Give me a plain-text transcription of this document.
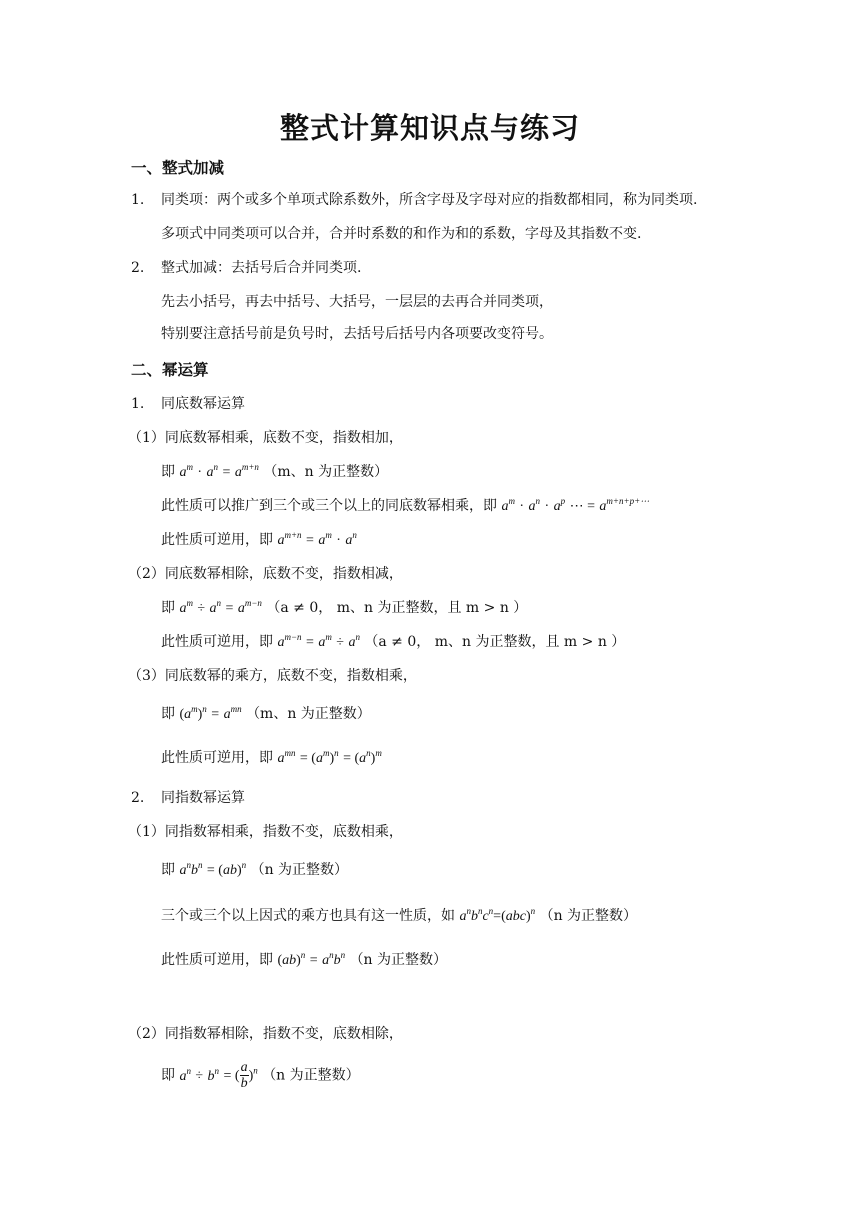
整式计算知识点与练习
一、整式加减
1. 同类项：两个或多个单项式除系数外，所含字母及字母对应的指数都相同，称为同类项.
多项式中同类项可以合并，合并时系数的和作为和的系数，字母及其指数不变.
2. 整式加减：去括号后合并同类项.
先去小括号，再去中括号、大括号，一层层的去再合并同类项，
特别要注意括号前是负号时，去括号后括号内各项要改变符号。
二、幂运算
1. 同底数幂运算
（1）同底数幂相乘，底数不变，指数相加，
即 $a^m \cdot a^n = a^{m+n}$ （m、n 为正整数）
此性质可以推广到三个或三个以上的同底数幂相乘，即 $a^m \cdot a^n \cdot a^p$ ⋯ = $a^{m+n+p+\cdots}$
此性质可逆用，即 $a^{m+n} = a^m \cdot a^n$
（2）同底数幂相除，底数不变，指数相减，
即 $a^m \div a^n = a^{m-n}$ （a ≠ 0， m、n 为正整数，且 m > n ）
此性质可逆用，即 $a^{m-n} = a^m \div a^n$ （a ≠ 0， m、n 为正整数，且 m > n ）
（3）同底数幂的乘方，底数不变，指数相乘，
即 $(a^m)^n = a^{mn}$ （m、n 为正整数）
此性质可逆用，即 $a^{mn} = (a^m)^n = (a^n)^m$
2. 同指数幂运算
（1）同指数幂相乘，指数不变，底数相乘，
即 $a^nb^n = (ab)^n$ （n 为正整数）
三个或三个以上因式的乘方也具有这一性质，如 $a^nb^nc^n=(abc)^n$ （n 为正整数）
此性质可逆用，即 $(ab)^n = a^nb^n$ （n 为正整数）
（2）同指数幂相除，指数不变，底数相除，
即 $a^n \div b^n$ = ( $\frac{a}{b} )^n$ （n 为正整数）
